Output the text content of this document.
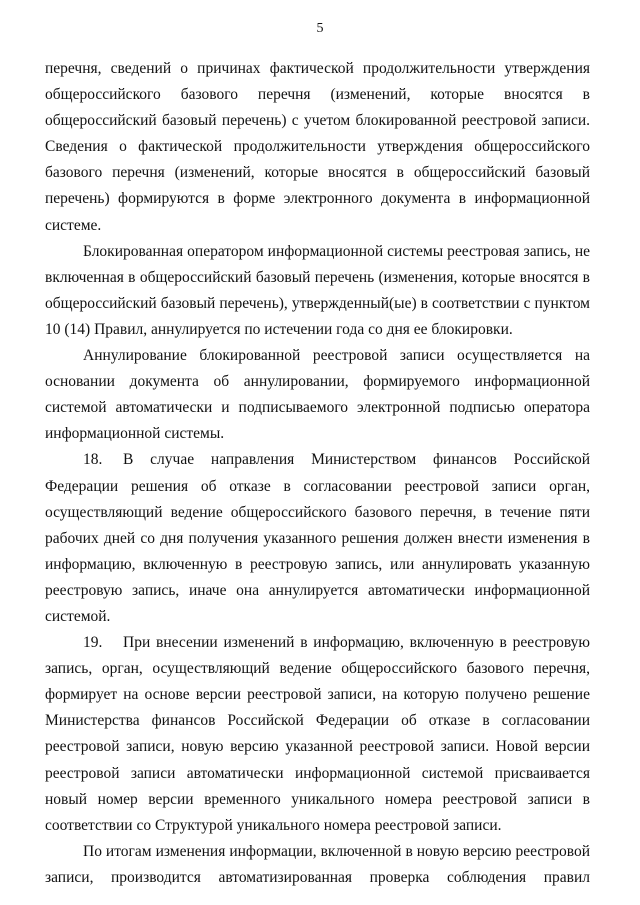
5

перечня, сведений о причинах фактической продолжительности утверждения общероссийского базового перечня (изменений, которые вносятся в общероссийский базовый перечень) с учетом блокированной реестровой записи. Сведения о фактической продолжительности утверждения общероссийского базового перечня (изменений, которые вносятся в общероссийский базовый перечень) формируются в форме электронного документа в информационной системе.

Блокированная оператором информационной системы реестровая запись, не включенная в общероссийский базовый перечень (изменения, которые вносятся в общероссийский базовый перечень), утвержденный(ые) в соответствии с пунктом 10 (14) Правил, аннулируется по истечении года со дня ее блокировки.

Аннулирование блокированной реестровой записи осуществляется на основании документа об аннулировании, формируемого информационной системой автоматически и подписываемого электронной подписью оператора информационной системы.

18. В случае направления Министерством финансов Российской Федерации решения об отказе в согласовании реестровой записи орган, осуществляющий ведение общероссийского базового перечня, в течение пяти рабочих дней со дня получения указанного решения должен внести изменения в информацию, включенную в реестровую запись, или аннулировать указанную реестровую запись, иначе она аннулируется автоматически информационной системой.

19. При внесении изменений в информацию, включенную в реестровую запись, орган, осуществляющий ведение общероссийского базового перечня, формирует на основе версии реестровой записи, на которую получено решение Министерства финансов Российской Федерации об отказе в согласовании реестровой записи, новую версию указанной реестровой записи. Новой версии реестровой записи автоматически информационной системой присваивается новый номер версии временного уникального номера реестровой записи в соответствии со Структурой уникального номера реестровой записи.

По итогам изменения информации, включенной в новую версию реестровой записи, производится автоматизированная проверка соблюдения правил
